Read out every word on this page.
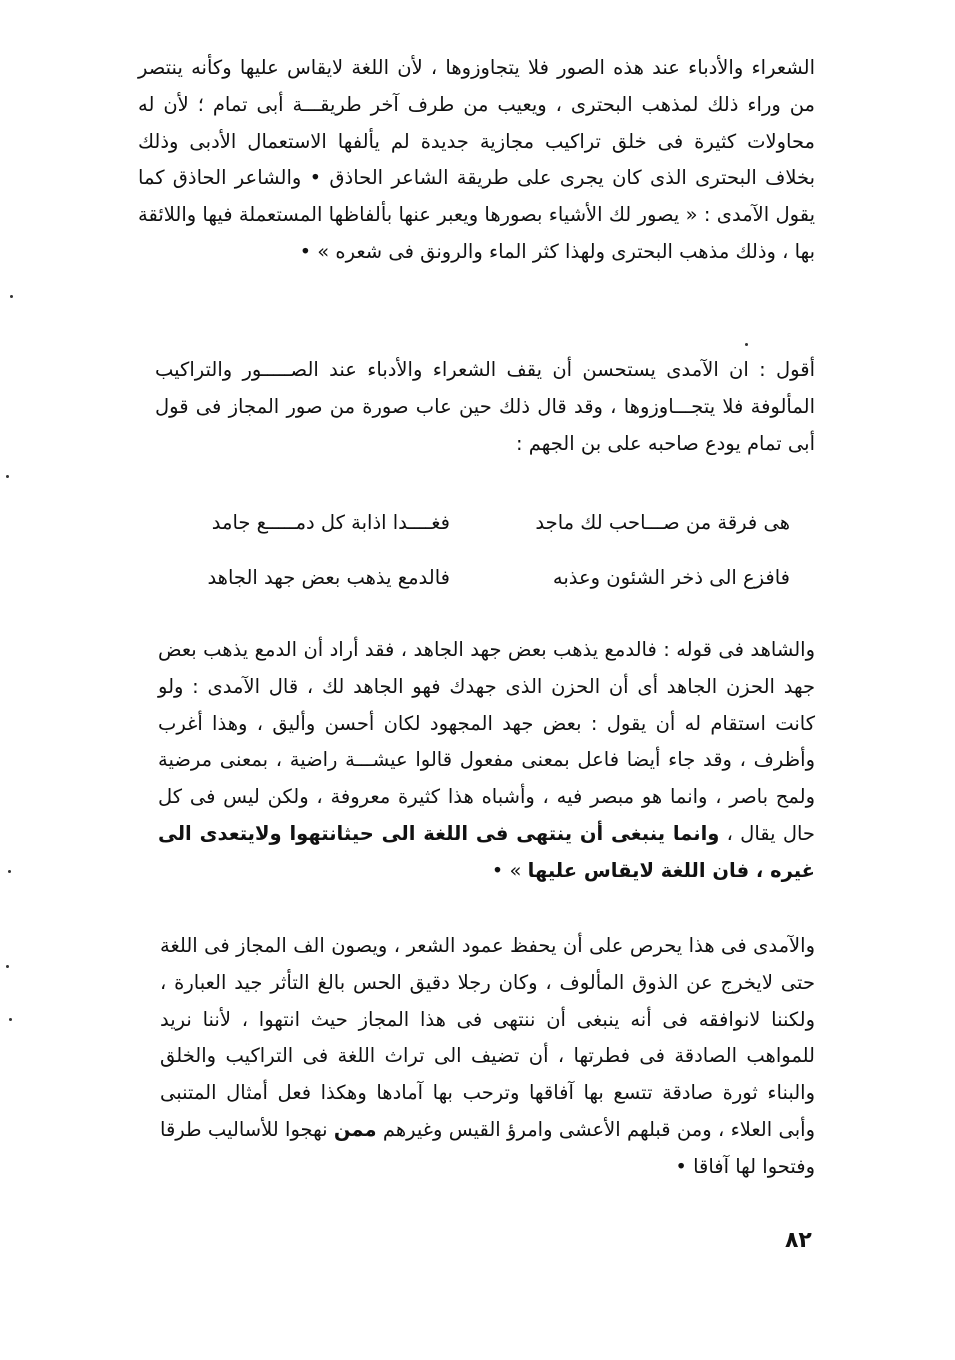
الشعراء والأدباء عند هذه الصور فلا يتجاوزوها ، لأن اللغة لايقاس عليها وكأنه ينتصر من وراء ذلك لمذهب البحترى ، ويعيب من طرف آخر طريقـــة أبى تمام ؛ لأن له محاولات كثيرة فى خلق تراكيب مجازية جديدة لم يألفها الاستعمال الأدبى وذلك بخلاف البحترى الذى كان يجرى على طريقة الشاعر الحاذق • والشاعر الحاذق كما يقول الآمدى : « يصور لك الأشياء بصورها ويعبر عنها بألفاظها المستعملة فيها واللائقة بها ، وذلك مذهب البحترى ولهذا كثر الماء والرونق فى شعره » •
أقول : ان الآمدى يستحسن أن يقف الشعراء والأدباء عند الصـــــور والتراكيب المألوفة فلا يتجـــاوزوها ، وقد قال ذلك حين عاب صورة من صور المجاز فى قول أبى تمام يودع صاحبه على بن الجهم :
هى فرقة من صـــاحب لك ماجد
فغــــدا اذابة كل دمـــــع جامد
فافزع الى ذخر الشئون وعذبه
فالدمع يذهب بعض جهد الجاهد
والشاهد فى قوله : فالدمع يذهب بعض جهد الجاهد ، فقد أراد أن الدمع يذهب بعض جهد الحزن الجاهد أى أن الحزن الذى جهدك فهو الجاهد لك ، قال الآمدى : ولو كانت استقام له أن يقول : بعض جهد المجهود لكان أحسن وأليق ، وهذا أغرب وأظرف ، وقد جاء أيضا فاعل بمعنى مفعول قالوا عيشـــة راضية ، بمعنى مرضية ولمح باصر ، وانما هو مبصر فيه ، وأشباه هذا كثيرة معروفة ، ولكن ليس فى كل حال يقال ، وانما ينبغى أن ينتهى فى اللغة الى حيثانتهوا ولايتعدى الى غيره ، فان اللغة لايقاس عليها » •
والآمدى فى هذا يحرص على أن يحفظ عمود الشعر ، ويصون الف المجاز فى اللغة حتى لايخرج عن الذوق المألوف ، وكان رجلا دقيق الحس بالغ التأثر جيد العبارة ، ولكننا لانوافقه فى أنه ينبغى أن ننتهى فى هذا المجاز حيث انتهوا ، لأننا نريد للمواهب الصادقة فى فطرتها ، أن تضيف الى تراث اللغة فى التراكيب والخلق والبناء ثورة صادقة تتسع بها آفاقها وترحب بها آمادها وهكذا فعل أمثال المتنبى وأبى العلاء ، ومن قبلهم الأعشى وامرؤ القيس وغيرهم ممن نهجوا للأساليب طرقا وفتحوا لها آفاقا •
٨٢
